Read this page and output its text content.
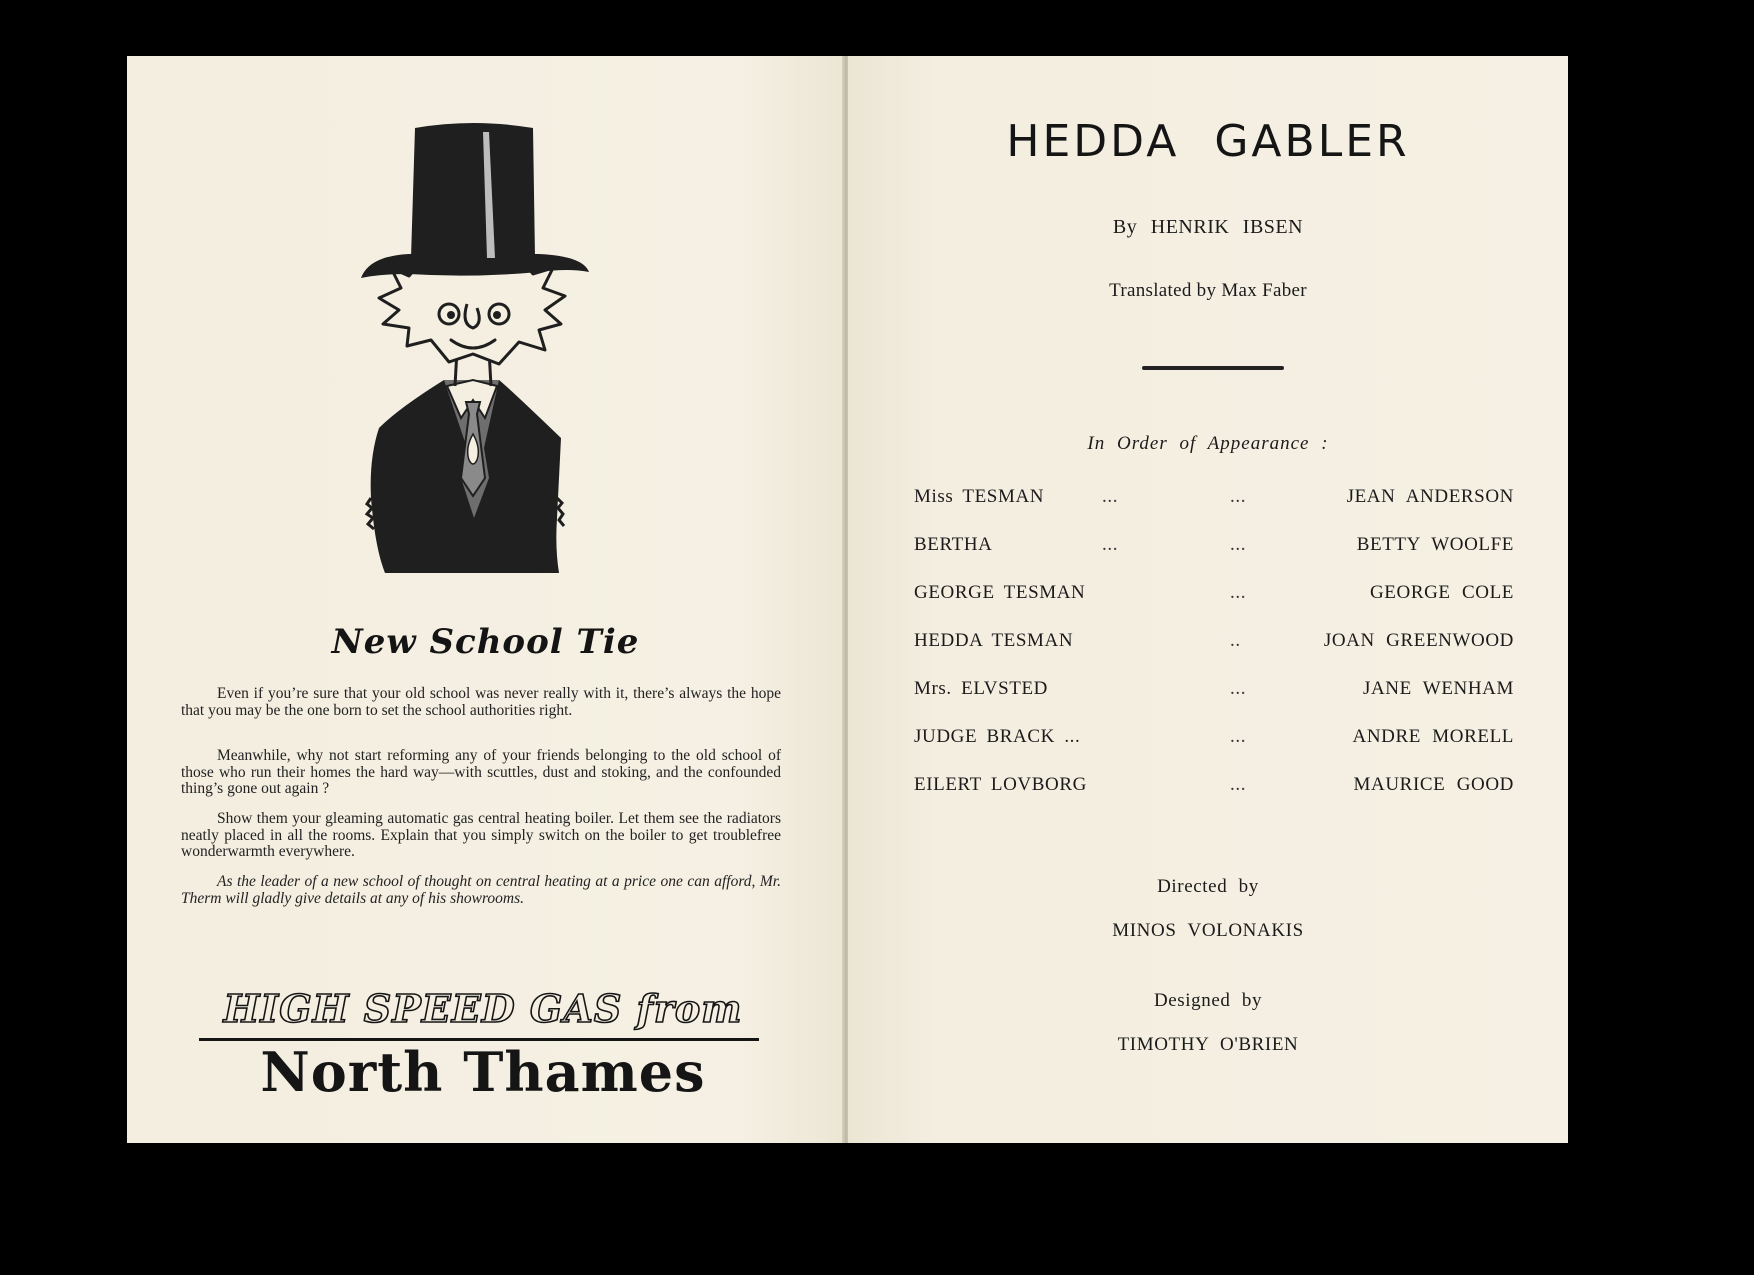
New School Tie

Even if you’re sure that your old school was never really with it, there’s always the hope that you may be the one born to set the school authorities right.

Meanwhile, why not start reforming any of your friends belonging to the old school of those who run their homes the hard way—with scuttles, dust and stoking, and the confounded thing’s gone out again ?

Show them your gleaming automatic gas central heating boiler. Let them see the radiators neatly placed in all the rooms. Explain that you simply switch on the boiler to get troublefree wonderwarmth everywhere.

As the leader of a new school of thought on central heating at a price one can afford, Mr. Therm will gladly give details at any of his showrooms.

HIGH SPEED GAS from
North Thames
HEDDA GABLER
By HENRIK IBSEN
Translated by Max Faber
In Order of Appearance :
Miss TESMAN	...	...	JEAN ANDERSON
BERTHA	...	...	BETTY WOOLFE
GEORGE TESMAN	...	GEORGE COLE
HEDDA TESMAN	..	JOAN GREENWOOD
Mrs. ELVSTED	...	JANE WENHAM
JUDGE BRACK ...	...	ANDRE MORELL
EILERT LOVBORG	...	MAURICE GOOD
Directed by
MINOS VOLONAKIS
Designed by
TIMOTHY O'BRIEN
